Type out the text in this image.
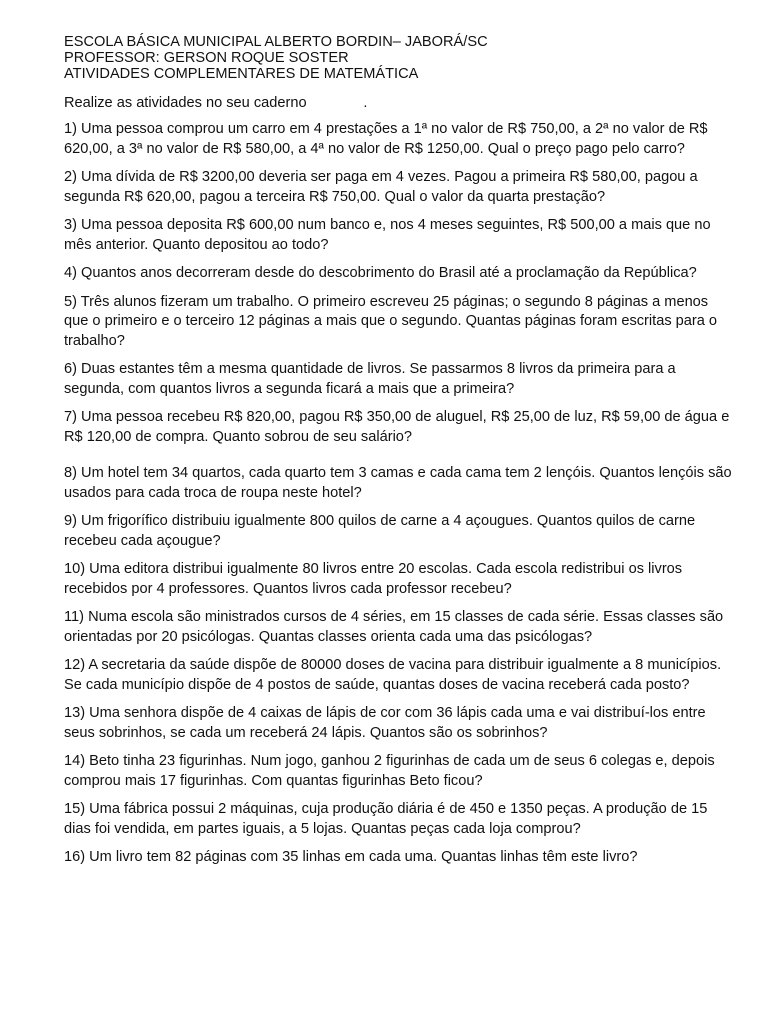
ESCOLA BÁSICA MUNICIPAL ALBERTO BORDIN– JABORÁ/SC

PROFESSOR: GERSON ROQUE SOSTER

ATIVIDADES COMPLEMENTARES DE MATEMÁTICA

Realize as atividades no seu caderno              .

1) Uma pessoa comprou um carro em 4 prestações a 1ª no valor de R$ 750,00, a 2ª no valor de R$ 620,00, a 3ª no valor de R$ 580,00, a 4ª no valor de R$ 1250,00. Qual o preço pago pelo carro?

2) Uma dívida de R$ 3200,00 deveria ser paga em 4 vezes. Pagou a primeira R$ 580,00, pagou a segunda R$ 620,00, pagou a terceira R$ 750,00. Qual o valor da quarta prestação?

3) Uma pessoa deposita R$ 600,00 num banco e, nos 4 meses seguintes, R$ 500,00 a mais que no mês anterior. Quanto depositou ao todo?

4) Quantos anos decorreram desde do descobrimento do Brasil até a proclamação da República?

5) Três alunos fizeram um trabalho. O primeiro escreveu 25 páginas; o segundo 8 páginas a menos que o primeiro e o terceiro 12 páginas a mais que o segundo. Quantas páginas foram escritas para o trabalho?

6) Duas estantes têm a mesma quantidade de livros. Se passarmos 8 livros da primeira para a segunda, com quantos livros a segunda ficará a mais que a primeira?

7) Uma pessoa recebeu R$ 820,00, pagou R$ 350,00 de aluguel, R$ 25,00 de luz, R$ 59,00 de água e R$ 120,00 de compra. Quanto sobrou de seu salário?

8) Um hotel tem 34 quartos, cada quarto tem 3 camas e cada cama tem 2 lençóis. Quantos lençóis são usados para cada troca de roupa neste hotel?

9) Um frigorífico distribuiu igualmente 800 quilos de carne a 4 açougues. Quantos quilos de carne recebeu cada açougue?

10) Uma editora distribui igualmente 80 livros entre 20 escolas. Cada escola redistribui os livros recebidos por 4 professores. Quantos livros cada professor recebeu?

11) Numa escola são ministrados cursos de 4 séries, em 15 classes de cada série. Essas classes são orientadas por 20 psicólogas. Quantas classes orienta cada uma das psicólogas?

12) A secretaria da saúde dispõe de 80000 doses de vacina para distribuir igualmente a 8 municípios. Se cada município dispõe de 4 postos de saúde, quantas doses de vacina receberá cada posto?

13) Uma senhora dispõe de 4 caixas de lápis de cor com 36 lápis cada uma e vai distribuí-los entre seus sobrinhos, se cada um receberá 24 lápis. Quantos são os sobrinhos?

14) Beto tinha 23 figurinhas. Num jogo, ganhou 2 figurinhas de cada um de seus 6 colegas e, depois comprou mais 17 figurinhas. Com quantas figurinhas Beto ficou?

15) Uma fábrica possui 2 máquinas, cuja produção diária é de 450 e 1350 peças. A produção de 15 dias foi vendida, em partes iguais, a 5 lojas. Quantas peças cada loja comprou?

16) Um livro tem 82 páginas com 35 linhas em cada uma. Quantas linhas têm este livro?
